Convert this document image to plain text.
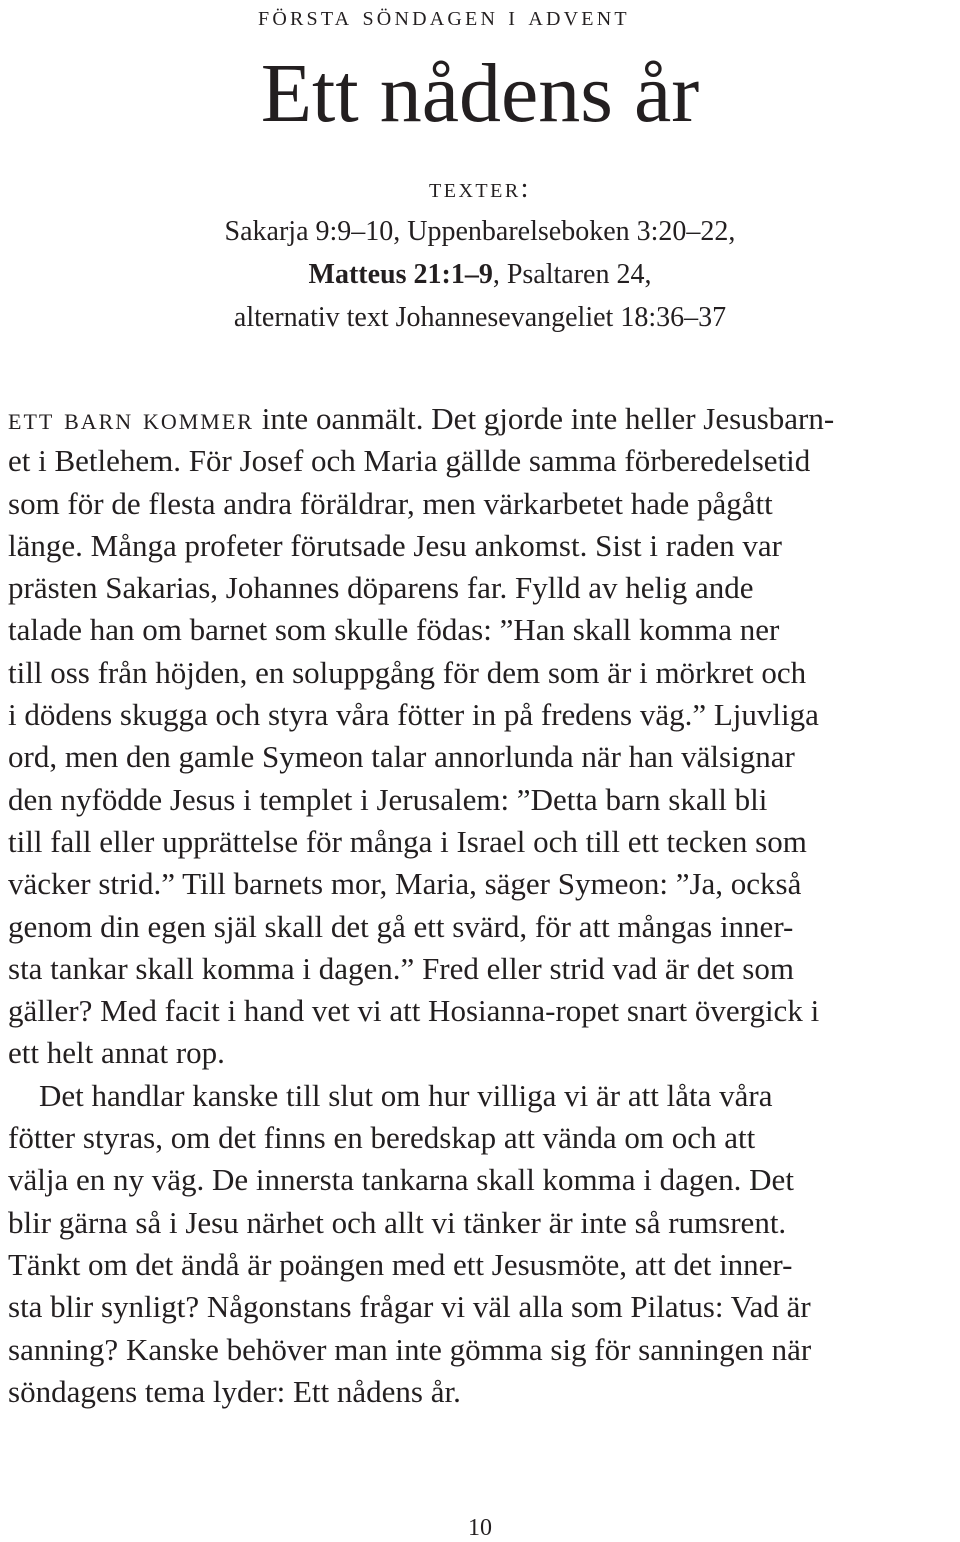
första söndagen i advent
Ett nådens år
texter:
Sakarja 9:9–10, Uppenbarelseboken 3:20–22,
Matteus 21:1–9, Psaltaren 24,
alternativ text Johannesevangeliet 18:36–37
ett barn kommer inte oanmält. Det gjorde inte heller Jesusbarn-
et i Betlehem. För Josef och Maria gällde samma förberedelsetid
som för de flesta andra föräldrar, men värkarbetet hade pågått
länge. Många profeter förutsade Jesu ankomst. Sist i raden var
prästen Sakarias, Johannes döparens far. Fylld av helig ande
talade han om barnet som skulle födas: ”Han skall komma ner
till oss från höjden, en soluppgång för dem som är i mörkret och
i dödens skugga och styra våra fötter in på fredens väg.” Ljuvliga
ord, men den gamle Symeon talar annorlunda när han välsignar
den nyfödde Jesus i templet i Jerusalem: ”Detta barn skall bli
till fall eller upprättelse för många i Israel och till ett tecken som
väcker strid.” Till barnets mor, Maria, säger Symeon: ”Ja, också
genom din egen själ skall det gå ett svärd, för att mångas inner-
sta tankar skall komma i dagen.” Fred eller strid vad är det som
gäller? Med facit i hand vet vi att Hosianna-ropet snart övergick i
ett helt annat rop.
Det handlar kanske till slut om hur villiga vi är att låta våra
fötter styras, om det finns en beredskap att vända om och att
välja en ny väg. De innersta tankarna skall komma i dagen. Det
blir gärna så i Jesu närhet och allt vi tänker är inte så rumsrent.
Tänkt om det ändå är poängen med ett Jesusmöte, att det inner-
sta blir synligt? Någonstans frågar vi väl alla som Pilatus: Vad är
sanning? Kanske behöver man inte gömma sig för sanningen när
söndagens tema lyder: Ett nådens år.
10
